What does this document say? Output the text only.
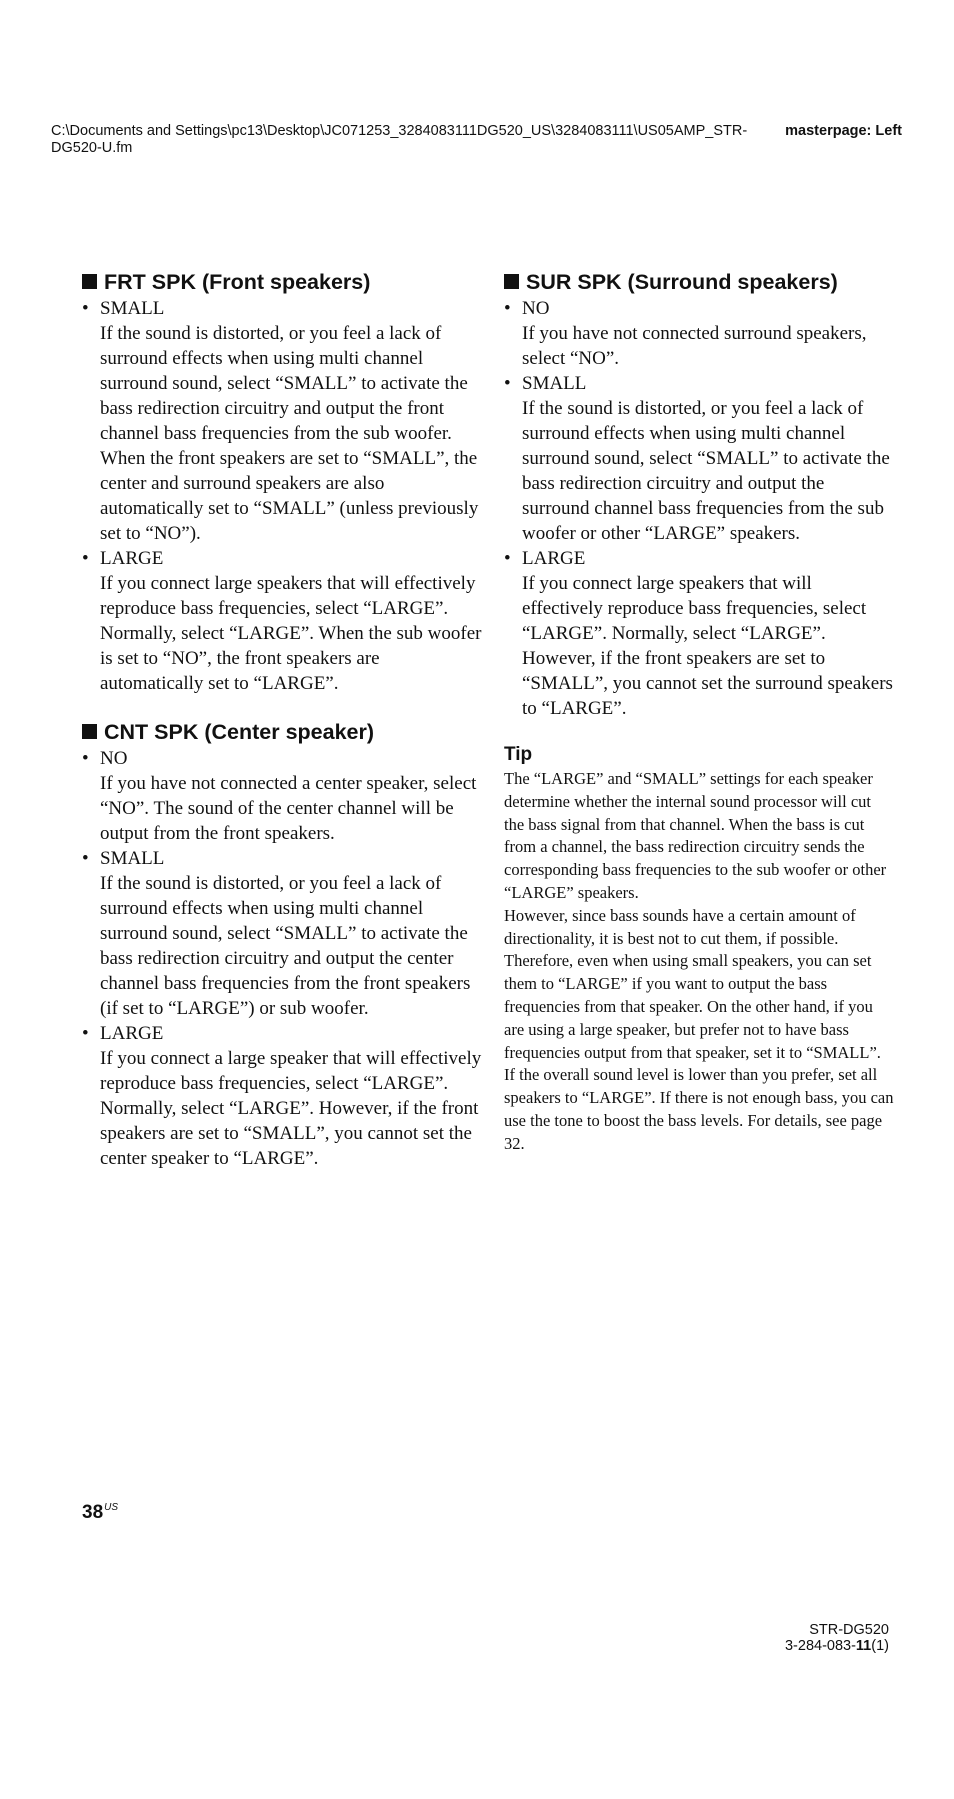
C:\Documents and Settings\pc13\Desktop\JC071253_3284083111DG520_US\3284083111\US05AMP_STR-DG520-U.fm
masterpage: Left
FRT SPK (Front speakers)
• SMALL
If the sound is distorted, or you feel a lack of surround effects when using multi channel surround sound, select “SMALL” to activate the bass redirection circuitry and output the front channel bass frequencies from the sub woofer. When the front speakers are set to “SMALL”, the center and surround speakers are also automatically set to “SMALL” (unless previously set to “NO”).
• LARGE
If you connect large speakers that will effectively reproduce bass frequencies, select “LARGE”. Normally, select “LARGE”. When the sub woofer is set to “NO”, the front speakers are automatically set to “LARGE”.
CNT SPK (Center speaker)
• NO
If you have not connected a center speaker, select “NO”. The sound of the center channel will be output from the front speakers.
• SMALL
If the sound is distorted, or you feel a lack of surround effects when using multi channel surround sound, select “SMALL” to activate the bass redirection circuitry and output the center channel bass frequencies from the front speakers (if set to “LARGE”) or sub woofer.
• LARGE
If you connect a large speaker that will effectively reproduce bass frequencies, select “LARGE”. Normally, select “LARGE”. However, if the front speakers are set to “SMALL”, you cannot set the center speaker to “LARGE”.
SUR SPK (Surround speakers)
• NO
If you have not connected surround speakers, select “NO”.
• SMALL
If the sound is distorted, or you feel a lack of surround effects when using multi channel surround sound, select “SMALL” to activate the bass redirection circuitry and output the surround channel bass frequencies from the sub woofer or other “LARGE” speakers.
• LARGE
If you connect large speakers that will effectively reproduce bass frequencies, select “LARGE”. Normally, select “LARGE”. However, if the front speakers are set to “SMALL”, you cannot set the surround speakers to “LARGE”.
Tip

The “LARGE” and “SMALL” settings for each speaker determine whether the internal sound processor will cut the bass signal from that channel. When the bass is cut from a channel, the bass redirection circuitry sends the corresponding bass frequencies to the sub woofer or other “LARGE” speakers.

However, since bass sounds have a certain amount of directionality, it is best not to cut them, if possible. Therefore, even when using small speakers, you can set them to “LARGE” if you want to output the bass frequencies from that speaker. On the other hand, if you are using a large speaker, but prefer not to have bass frequencies output from that speaker, set it to “SMALL”.

If the overall sound level is lower than you prefer, set all speakers to “LARGE”. If there is not enough bass, you can use the tone to boost the bass levels. For details, see page 32.

$38^{US}$
STR-DG520
3-284-083-11(1)
